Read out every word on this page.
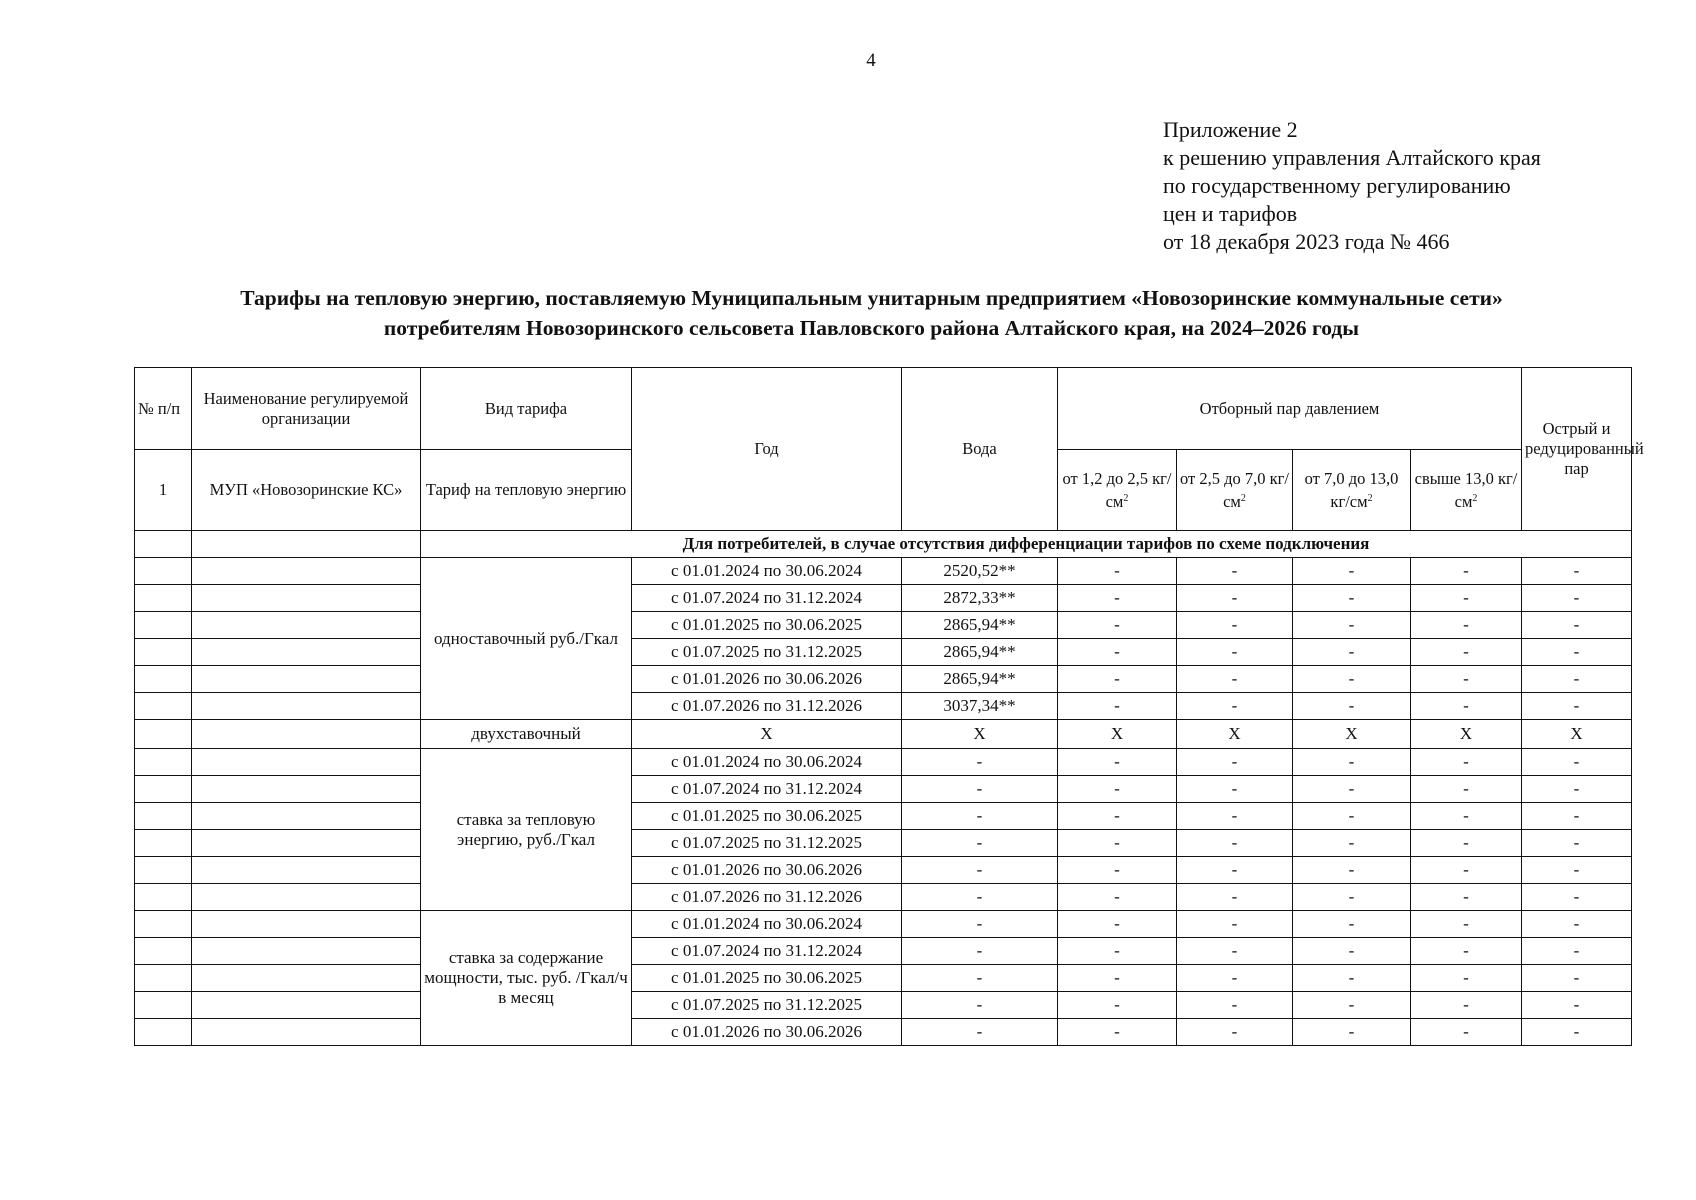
4
Приложение 2
к решению управления Алтайского края
по государственному регулированию
цен и тарифов
от 18 декабря 2023 года № 466
Тарифы на тепловую энергию, поставляемую Муниципальным унитарным предприятием «Новозоринские коммунальные сети»
потребителям Новозоринского сельсовета Павловского района Алтайского края, на 2024–2026 годы
№ п/п	Наименование регулируемой организации	Вид тарифа	Год	Вода	Отборный пар давлением				Острый и редуцированный пар
1	МУП «Новозоринские КС»	Тариф на тепловую энергию			от 1,2 до 2,5 $кг/см^2$	от 2,5 до 7,0 $кг/см^2$	от 7,0 до 13,0 $кг/см^2$	свыше 13,0 $кг/см^2$
		Для потребителей, в случае отсутствия дифференциации тарифов по схеме подключения							
		одноставочный руб./Гкал	с 01.01.2024 по 30.06.2024	2520,52**	-	-	-	-	-
			с 01.07.2024 по 31.12.2024	2872,33**	-	-	-	-	-
			с 01.01.2025 по 30.06.2025	2865,94**	-	-	-	-	-
			с 01.07.2025 по 31.12.2025	2865,94**	-	-	-	-	-
			с 01.01.2026 по 30.06.2026	2865,94**	-	-	-	-	-
			с 01.07.2026 по 31.12.2026	3037,34**	-	-	-	-	-
		двухставочный	X	X	X	X	X	X	X
		ставка за тепловую энергию, руб./Гкал	с 01.01.2024 по 30.06.2024	-	-	-	-	-	-
			с 01.07.2024 по 31.12.2024	-	-	-	-	-	-
			с 01.01.2025 по 30.06.2025	-	-	-	-	-	-
			с 01.07.2025 по 31.12.2025	-	-	-	-	-	-
			с 01.01.2026 по 30.06.2026	-	-	-	-	-	-
			с 01.07.2026 по 31.12.2026	-	-	-	-	-	-
		ставка за содержание мощности, тыс. руб. /Гкал/ч в месяц	с 01.01.2024 по 30.06.2024	-	-	-	-	-	-
			с 01.07.2024 по 31.12.2024	-	-	-	-	-	-
			с 01.01.2025 по 30.06.2025	-	-	-	-	-	-
			с 01.07.2025 по 31.12.2025	-	-	-	-	-	-
			с 01.01.2026 по 30.06.2026	-	-	-	-	-	-
